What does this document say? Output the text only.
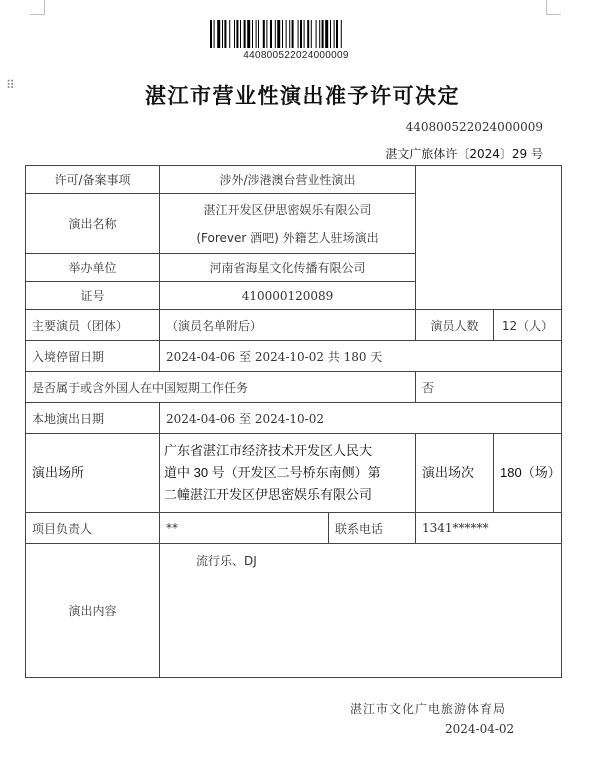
⠿
440800522024000009
湛江市营业性演出准予许可决定
440800522024000009
湛文广旅体许〔2024〕29 号
许可/备案事项	涉外/涉港澳台营业性演出			
演出名称	湛江开发区伊思密娱乐有限公司
(Forever 酒吧) 外籍艺人驻场演出			

举办单位	河南省海星文化传播有限公司			
证号	410000120089			
主要演员（团体）	（演员名单附后）		演员人数	12（人）
入境停留日期	2024-04-06 至 2024-10-02 共 180 天			
是否属于或含外国人在中国短期工作任务			否	
本地演出日期	2024-04-06 至 2024-10-02			
演出场所	广东省湛江市经济技术开发区人民大
道中 30 号（开发区二号桥东南侧）第
二幢湛江开发区伊思密娱乐有限公司		演出场次	180（场）
项目负责人	**	联系电话	1341******	
演出内容	流行乐、DJ			
湛江市文化广电旅游体育局
2024-04-02
